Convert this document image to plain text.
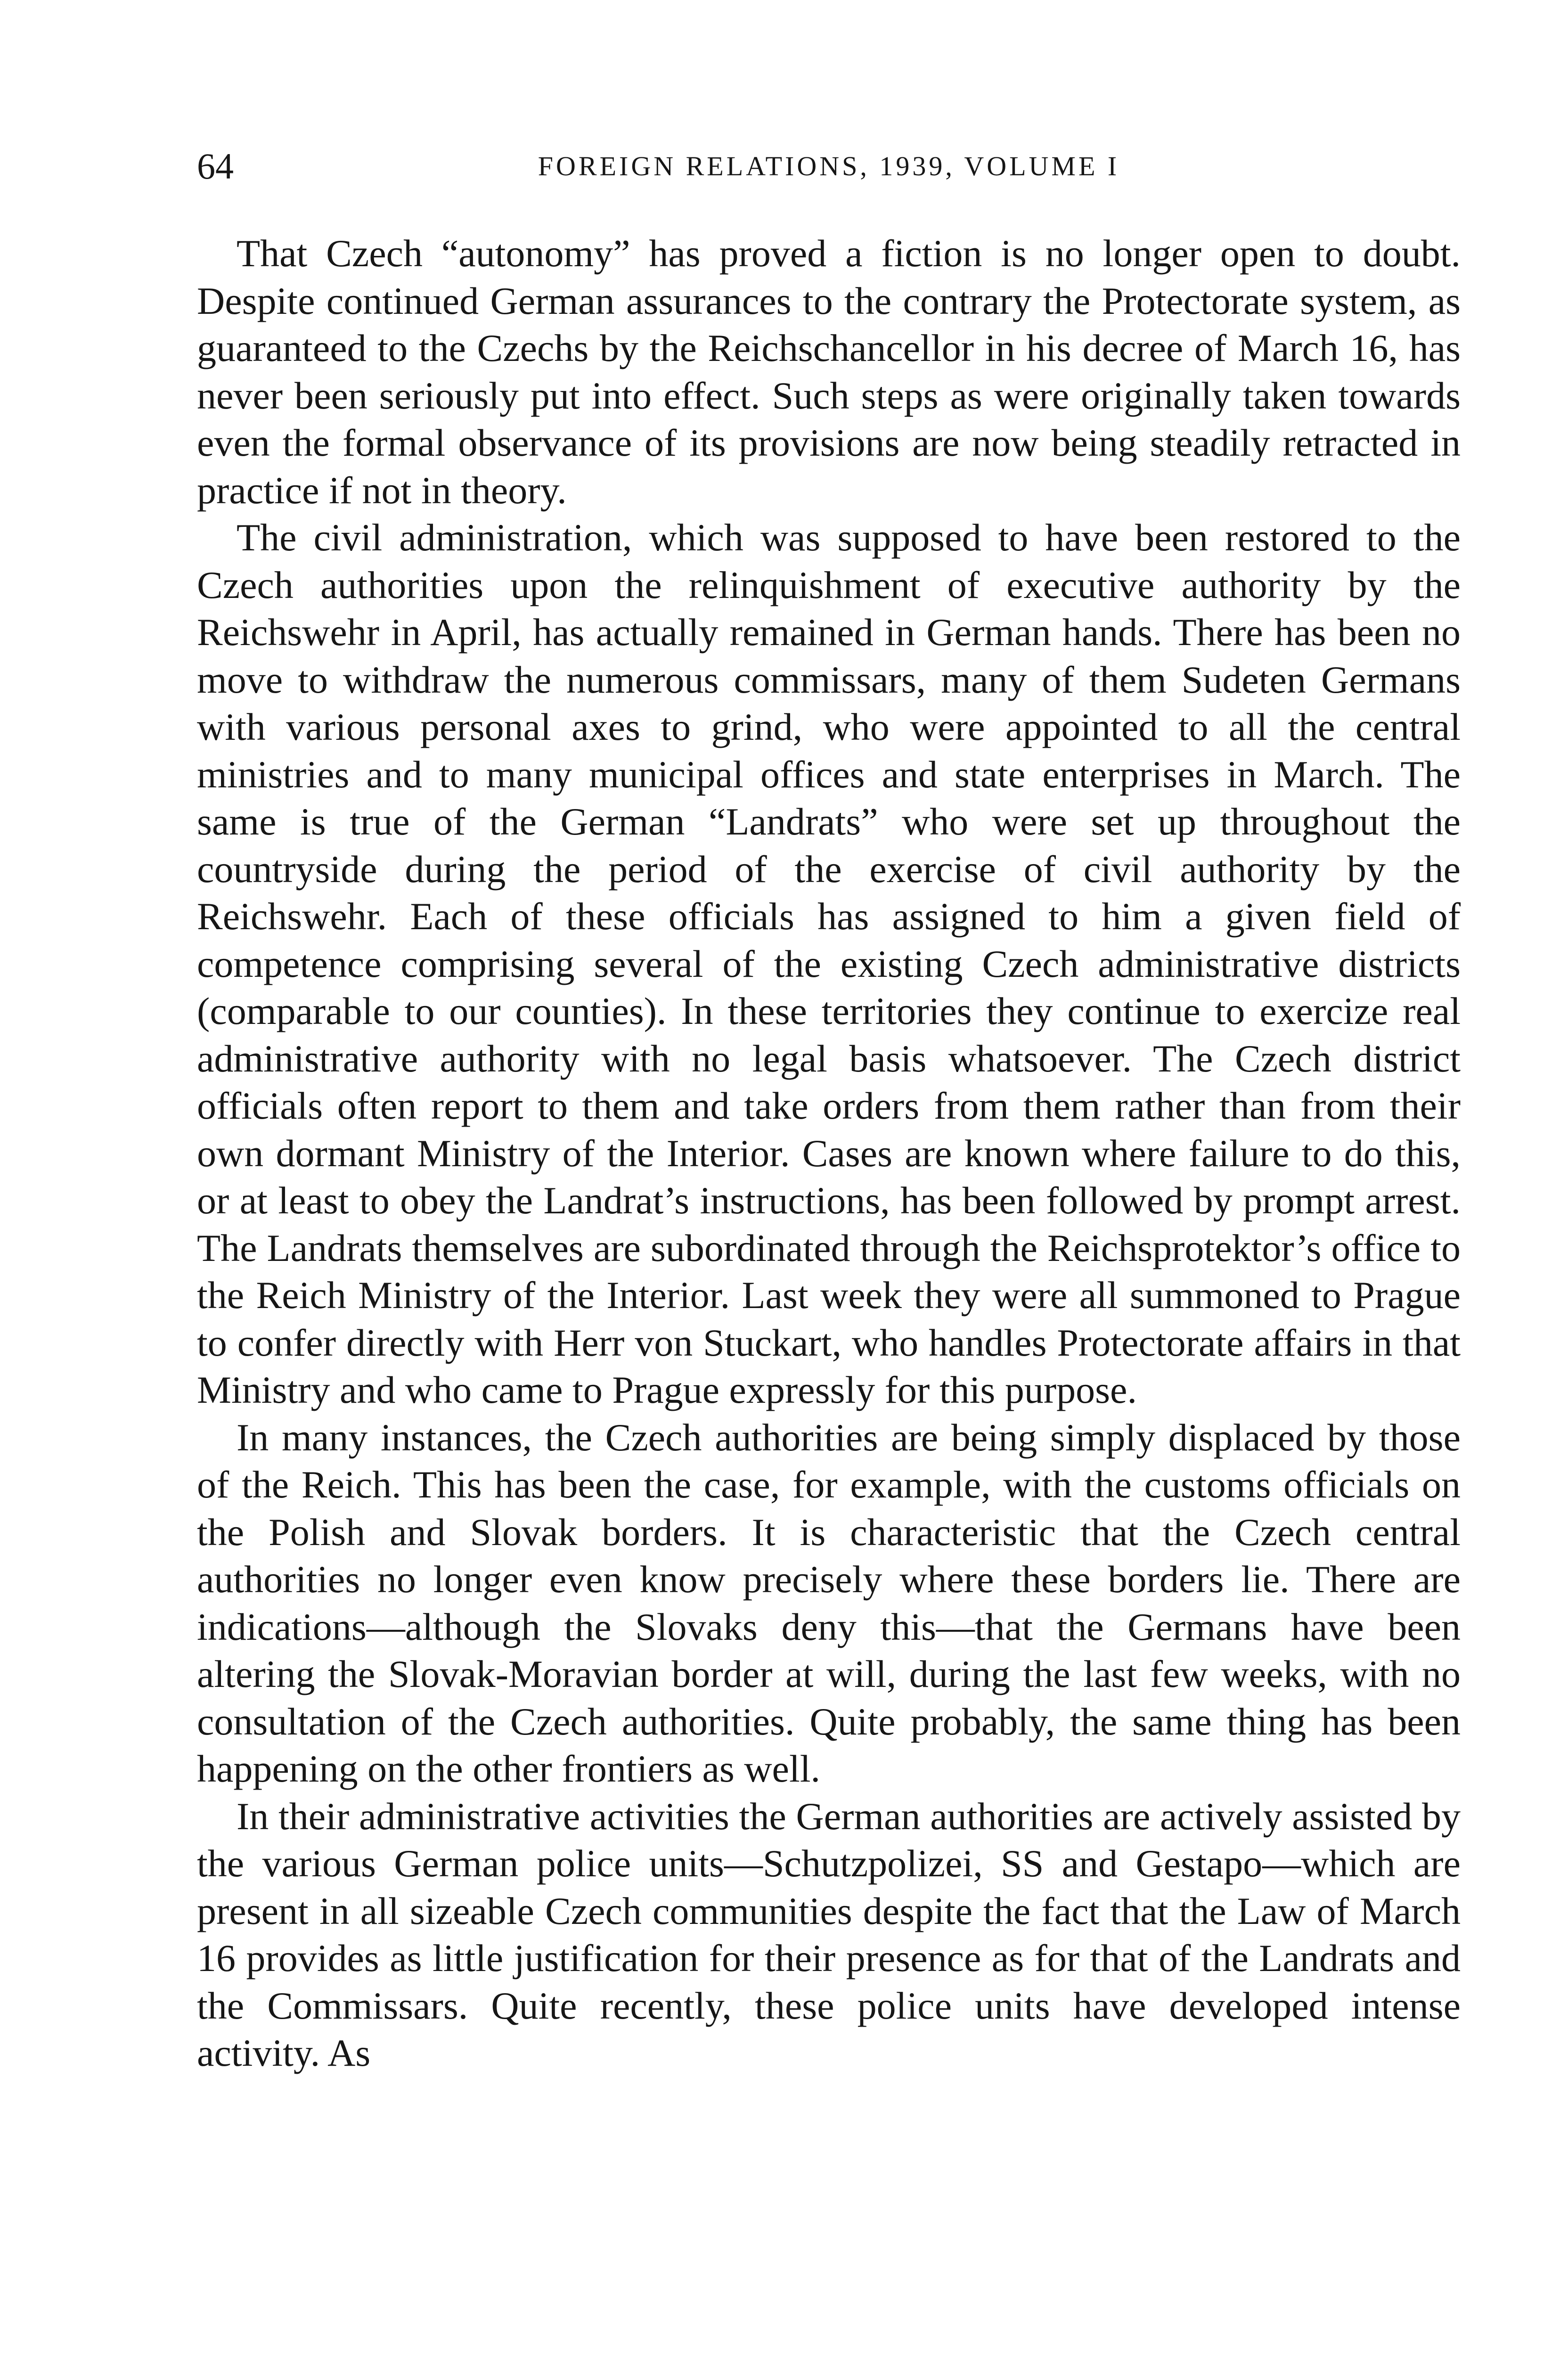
64	FOREIGN RELATIONS, 1939, VOLUME I

That Czech “autonomy” has proved a fiction is no longer open to doubt. Despite continued German assurances to the contrary the Protectorate system, as guaranteed to the Czechs by the Reichschancellor in his decree of March 16, has never been seriously put into effect. Such steps as were originally taken towards even the formal observance of its provisions are now being steadily retracted in practice if not in theory.

The civil administration, which was supposed to have been restored to the Czech authorities upon the relinquishment of executive authority by the Reichswehr in April, has actually remained in German hands. There has been no move to withdraw the numerous commissars, many of them Sudeten Germans with various personal axes to grind, who were appointed to all the central ministries and to many municipal offices and state enterprises in March. The same is true of the German “Landrats” who were set up throughout the countryside during the period of the exercise of civil authority by the Reichswehr. Each of these officials has assigned to him a given field of competence comprising several of the existing Czech administrative districts (comparable to our counties). In these territories they continue to exercize real administrative authority with no legal basis whatsoever. The Czech district officials often report to them and take orders from them rather than from their own dormant Ministry of the Interior. Cases are known where failure to do this, or at least to obey the Landrat’s instructions, has been followed by prompt arrest. The Landrats themselves are subordinated through the Reichsprotektor’s office to the Reich Ministry of the Interior. Last week they were all summoned to Prague to confer directly with Herr von Stuckart, who handles Protectorate affairs in that Ministry and who came to Prague expressly for this purpose.

In many instances, the Czech authorities are being simply displaced by those of the Reich. This has been the case, for example, with the customs officials on the Polish and Slovak borders. It is characteristic that the Czech central authorities no longer even know precisely where these borders lie. There are indications—although the Slovaks deny this—that the Germans have been altering the Slovak-Moravian border at will, during the last few weeks, with no consultation of the Czech authorities. Quite probably, the same thing has been happening on the other frontiers as well.

In their administrative activities the German authorities are actively assisted by the various German police units—Schutzpolizei, SS and Gestapo—which are present in all sizeable Czech communities despite the fact that the Law of March 16 provides as little justification for their presence as for that of the Landrats and the Commissars. Quite recently, these police units have developed intense activity. As
